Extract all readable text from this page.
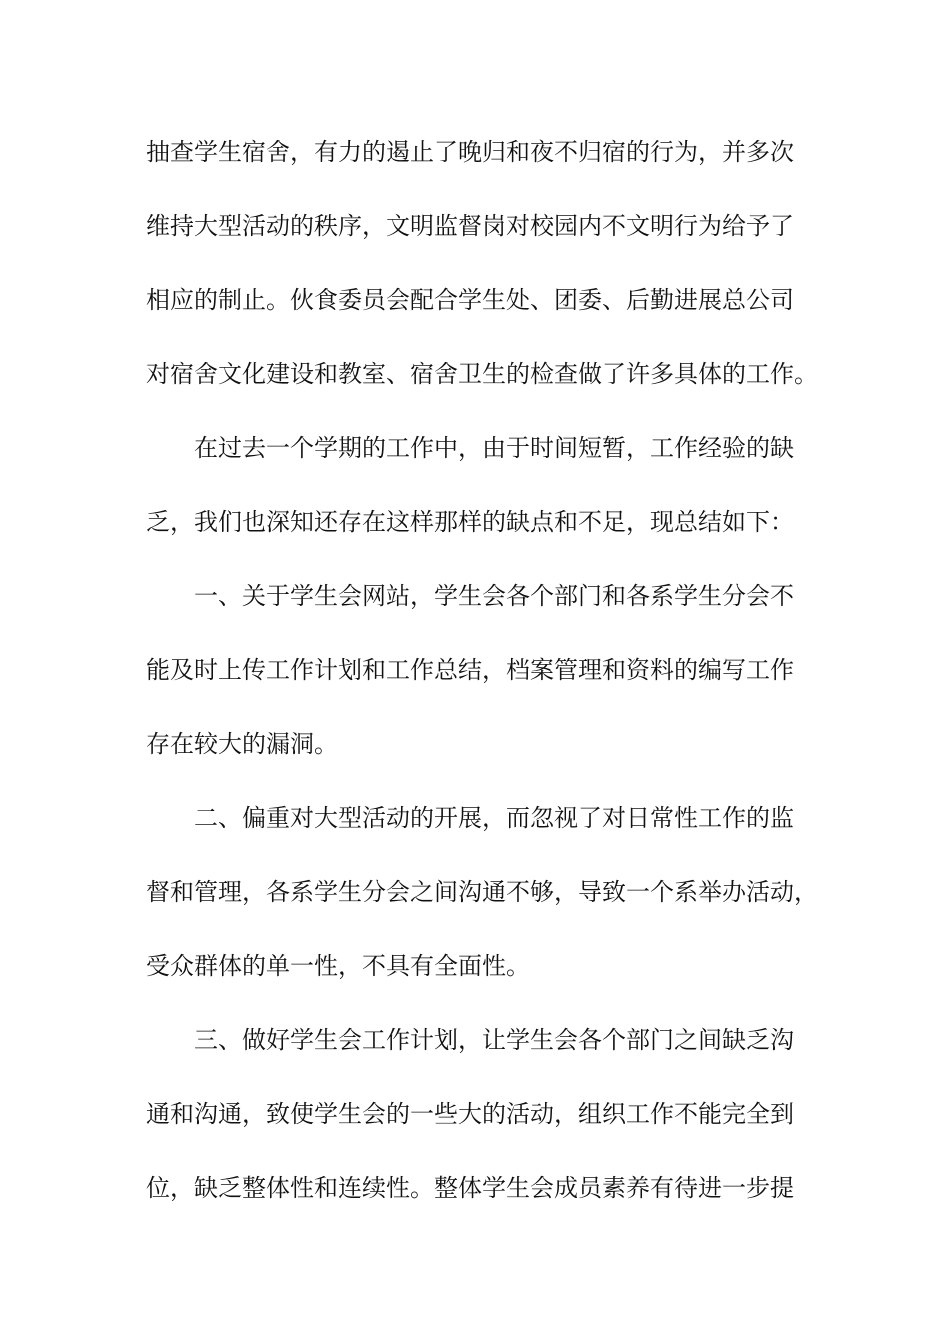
抽查学生宿舍，有力的遏止了晚归和夜不归宿的行为，并多次
维持大型活动的秩序，文明监督岗对校园内不文明行为给予了
相应的制止。伙食委员会配合学生处、团委、后勤进展总公司
对宿舍文化建设和教室、宿舍卫生的检查做了许多具体的工作。
在过去一个学期的工作中，由于时间短暂，工作经验的缺
乏，我们也深知还存在这样那样的缺点和不足，现总结如下：
一、关于学生会网站，学生会各个部门和各系学生分会不
能及时上传工作计划和工作总结，档案管理和资料的编写工作
存在较大的漏洞。
二、偏重对大型活动的开展，而忽视了对日常性工作的监
督和管理，各系学生分会之间沟通不够，导致一个系举办活动，
受众群体的单一性，不具有全面性。
三、做好学生会工作计划，让学生会各个部门之间缺乏沟
通和沟通，致使学生会的一些大的活动，组织工作不能完全到
位，缺乏整体性和连续性。整体学生会成员素养有待进一步提
